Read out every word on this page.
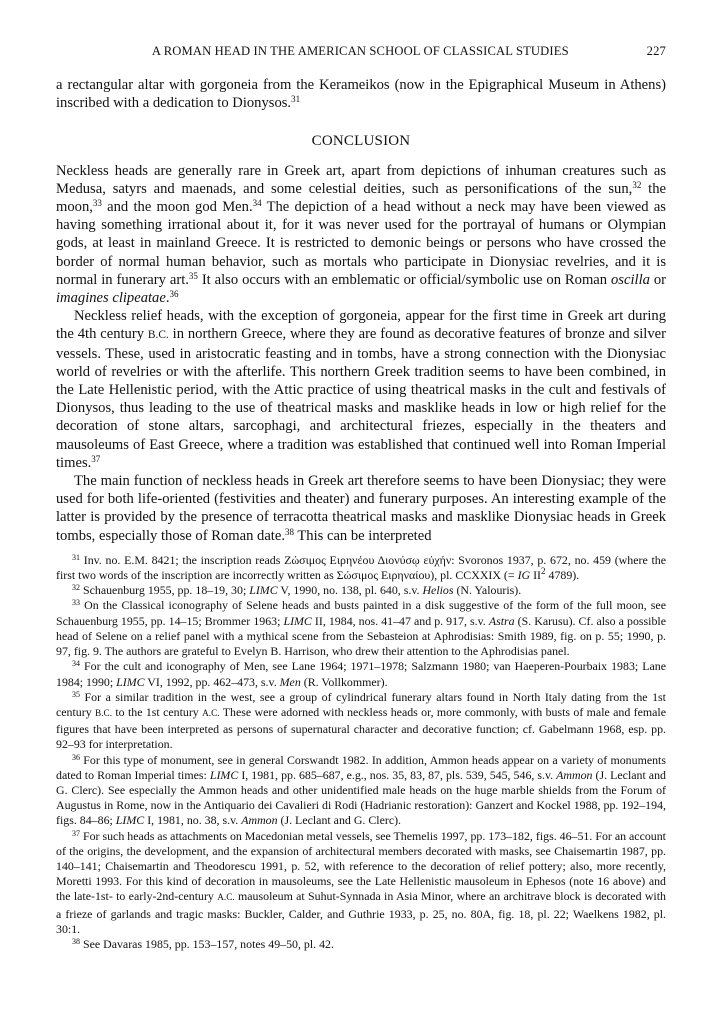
A ROMAN HEAD IN THE AMERICAN SCHOOL OF CLASSICAL STUDIES	227

a rectangular altar with gorgoneia from the Kerameikos (now in the Epigraphical Museum in Athens) inscribed with a dedication to Dionysos.$^{31}$

CONCLUSION

Neckless heads are generally rare in Greek art, apart from depictions of inhuman creatures such as Medusa, satyrs and maenads, and some celestial deities, such as personifications of the sun,$^{32}$ the moon,$^{33}$ and the moon god Men.$^{34}$ The depiction of a head without a neck may have been viewed as having something irrational about it, for it was never used for the portrayal of humans or Olympian gods, at least in mainland Greece. It is restricted to demonic beings or persons who have crossed the border of normal human behavior, such as mortals who participate in Dionysiac revelries, and it is normal in funerary art.$^{35}$ It also occurs with an emblematic or official/symbolic use on Roman oscilla or imagines clipeatae.$^{36}$

Neckless relief heads, with the exception of gorgoneia, appear for the first time in Greek art during the 4th century B.C. in northern Greece, where they are found as decorative features of bronze and silver vessels. These, used in aristocratic feasting and in tombs, have a strong connection with the Dionysiac world of revelries or with the afterlife. This northern Greek tradition seems to have been combined, in the Late Hellenistic period, with the Attic practice of using theatrical masks in the cult and festivals of Dionysos, thus leading to the use of theatrical masks and masklike heads in low or high relief for the decoration of stone altars, sarcophagi, and architectural friezes, especially in the theaters and mausoleums of East Greece, where a tradition was established that continued well into Roman Imperial times.$^{37}$

The main function of neckless heads in Greek art therefore seems to have been Dionysiac; they were used for both life-oriented (festivities and theater) and funerary purposes. An interesting example of the latter is provided by the presence of terracotta theatrical masks and masklike Dionysiac heads in Greek tombs, especially those of Roman date.$^{38}$ This can be interpreted

$^{31}$ Inv. no. E.M. 8421; the inscription reads Ζώσιμος Ειρηνέου Διονύσῳ εὐχήν: Svoronos 1937, p. 672, no. 459 (where the first two words of the inscription are incorrectly written as Σώσιμος Ειρηναίου), pl. CCXXIX (= IG $II^2$ 4789).

$^{32}$ Schauenburg 1955, pp. 18–19, 30; LIMC V, 1990, no. 138, pl. 640, s.v. Helios (N. Yalouris).

$^{33}$ On the Classical iconography of Selene heads and busts painted in a disk suggestive of the form of the full moon, see Schauenburg 1955, pp. 14–15; Brommer 1963; LIMC II, 1984, nos. 41–47 and p. 917, s.v. Astra (S. Karusu). Cf. also a possible head of Selene on a relief panel with a mythical scene from the Sebasteion at Aphrodisias: Smith 1989, fig. on p. 55; 1990, p. 97, fig. 9. The authors are grateful to Evelyn B. Harrison, who drew their attention to the Aphrodisias panel.

$^{34}$ For the cult and iconography of Men, see Lane 1964; 1971–1978; Salzmann 1980; van Haeperen-Pourbaix 1983; Lane 1984; 1990; LIMC VI, 1992, pp. 462–473, s.v. Men (R. Vollkommer).

$^{35}$ For a similar tradition in the west, see a group of cylindrical funerary altars found in North Italy dating from the 1st century B.C. to the 1st century A.C. These were adorned with neckless heads or, more commonly, with busts of male and female figures that have been interpreted as persons of supernatural character and decorative function; cf. Gabelmann 1968, esp. pp. 92–93 for interpretation.

$^{36}$ For this type of monument, see in general Corswandt 1982. In addition, Ammon heads appear on a variety of monuments dated to Roman Imperial times: LIMC I, 1981, pp. 685–687, e.g., nos. 35, 83, 87, pls. 539, 545, 546, s.v. Ammon (J. Leclant and G. Clerc). See especially the Ammon heads and other unidentified male heads on the huge marble shields from the Forum of Augustus in Rome, now in the Antiquario dei Cavalieri di Rodi (Hadrianic restoration): Ganzert and Kockel 1988, pp. 192–194, figs. 84–86; LIMC I, 1981, no. 38, s.v. Ammon (J. Leclant and G. Clerc).

$^{37}$ For such heads as attachments on Macedonian metal vessels, see Themelis 1997, pp. 173–182, figs. 46–51. For an account of the origins, the development, and the expansion of architectural members decorated with masks, see Chaisemartin 1987, pp. 140–141; Chaisemartin and Theodorescu 1991, p. 52, with reference to the decoration of relief pottery; also, more recently, Moretti 1993. For this kind of decoration in mausoleums, see the Late Hellenistic mausoleum in Ephesos (note 16 above) and the late-1st- to early-2nd-century A.C. mausoleum at Suhut-Synnada in Asia Minor, where an architrave block is decorated with a frieze of garlands and tragic masks: Buckler, Calder, and Guthrie 1933, p. 25, no. 80A, fig. 18, pl. 22; Waelkens 1982, pl. 30:1.

$^{38}$ See Davaras 1985, pp. 153–157, notes 49–50, pl. 42.
